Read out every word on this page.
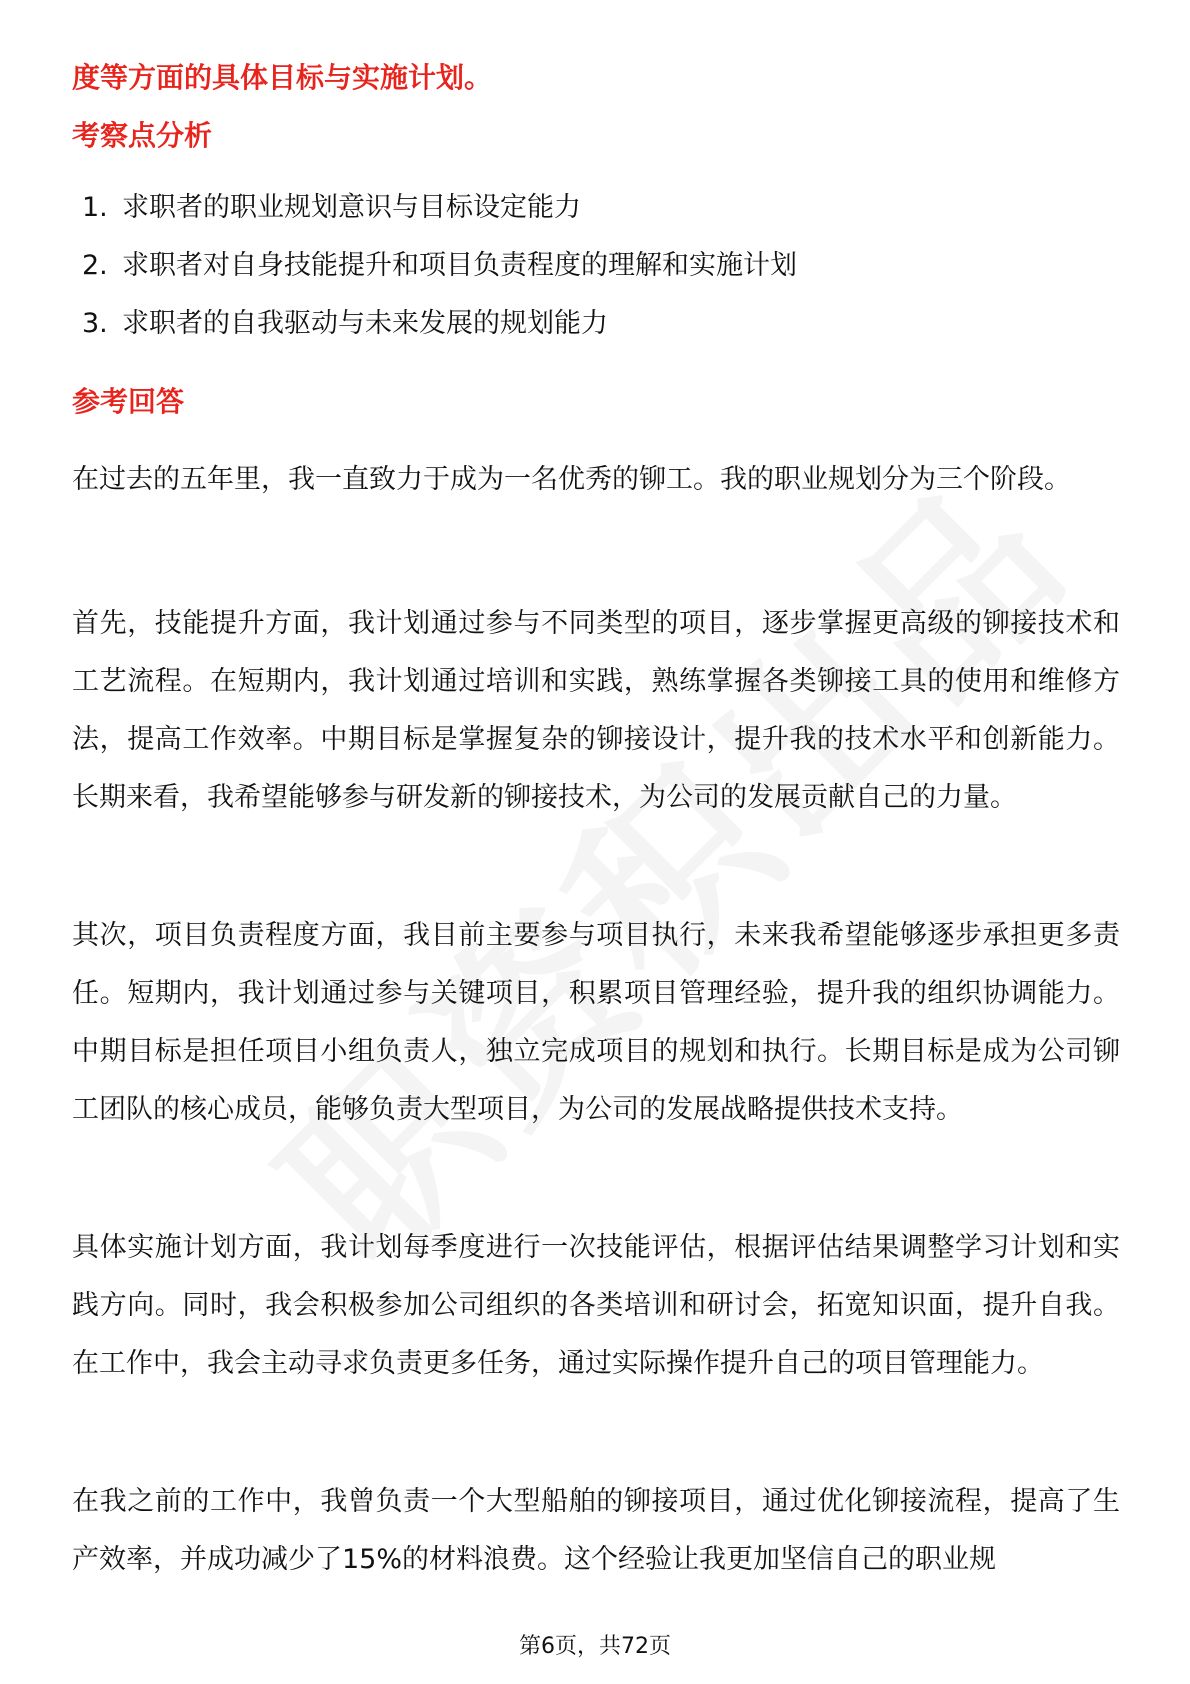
度等方面的具体目标与实施计划。

考察点分析

1. 求职者的职业规划意识与目标设定能力
2. 求职者对自身技能提升和项目负责程度的理解和实施计划
3. 求职者的自我驱动与未来发展的规划能力

参考回答

在过去的五年里，我一直致力于成为一名优秀的铆工。我的职业规划分为三个阶段。

首先，技能提升方面，我计划通过参与不同类型的项目，逐步掌握更高级的铆接技术和工艺流程。在短期内，我计划通过培训和实践，熟练掌握各类铆接工具的使用和维修方法，提高工作效率。中期目标是掌握复杂的铆接设计，提升我的技术水平和创新能力。长期来看，我希望能够参与研发新的铆接技术，为公司的发展贡献自己的力量。

其次，项目负责程度方面，我目前主要参与项目执行，未来我希望能够逐步承担更多责任。短期内，我计划通过参与关键项目，积累项目管理经验，提升我的组织协调能力。中期目标是担任项目小组负责人，独立完成项目的规划和执行。长期目标是成为公司铆工团队的核心成员，能够负责大型项目，为公司的发展战略提供技术支持。

具体实施计划方面，我计划每季度进行一次技能评估，根据评估结果调整学习计划和实践方向。同时，我会积极参加公司组织的各类培训和研讨会，拓宽知识面，提升自我。在工作中，我会主动寻求负责更多任务，通过实际操作提升自己的项目管理能力。

在我之前的工作中，我曾负责一个大型船舶的铆接项目，通过优化铆接流程，提高了生产效率，并成功减少了15%的材料浪费。这个经验让我更加坚信自己的职业规

第6页，共72页
